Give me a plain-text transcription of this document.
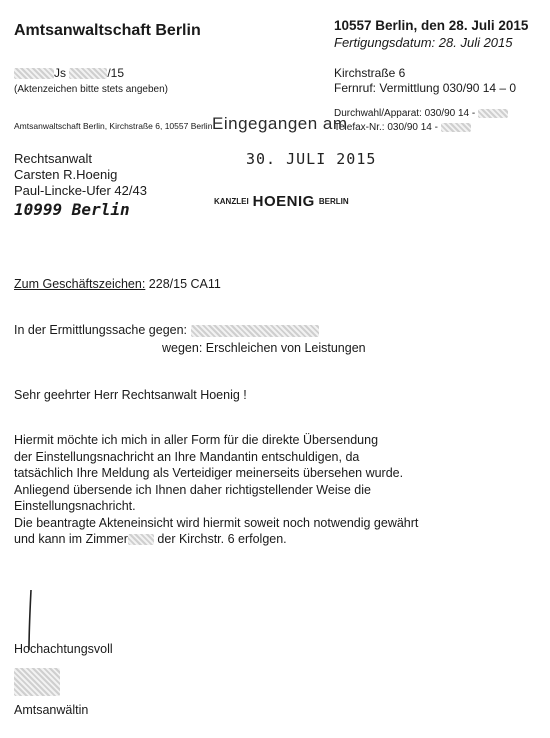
Amtsanwaltschaft Berlin	10557 Berlin, den 28. Juli 2015
Fertigungsdatum: 28. Juli 2015
Js	/15
(Aktenzeichen bitte stets angeben)
Kirchstraße 6
Fernruf: Vermittlung 030/90 14 – 0
Durchwahl/Apparat: 030/90 14 -
Telefax-Nr.: 030/90 14 -
Amtsanwaltschaft Berlin, Kirchstraße 6, 10557 Berlin Eingegangen am
30. JULI 2015
Rechtsanwalt
Carsten R.Hoenig
Paul-Lincke-Ufer 42/43
10999 Berlin	KANZLEI HOENIG BERLIN
Zum Geschäftszeichen: 228/15 CA11
In der Ermittlungssache gegen:
wegen: Erschleichen von Leistungen
Sehr geehrter Herr Rechtsanwalt Hoenig !
Hiermit möchte ich mich in aller Form für die direkte Übersendung
der Einstellungsnachricht an Ihre Mandantin entschuldigen, da
tatsächlich Ihre Meldung als Verteidiger meinerseits übersehen wurde.
Anliegend übersende ich Ihnen daher richtigstellender Weise die
Einstellungsnachricht.
Die beantragte Akteneinsicht wird hiermit soweit noch notwendig gewährt
und kann im Zimmer der Kirchstr. 6 erfolgen.
Hochachtungsvoll
Amtsanwältin
